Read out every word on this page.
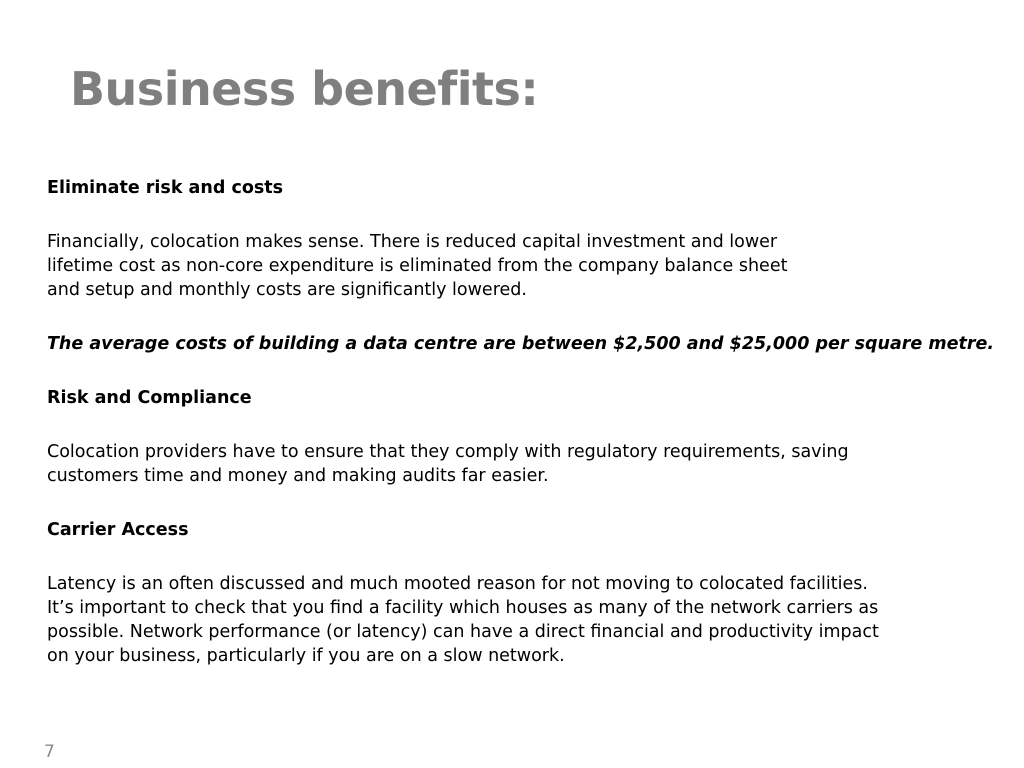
Business benefits:

Eliminate risk and costs

Financially, colocation makes sense. There is reduced capital investment and lower
lifetime cost as non-core expenditure is eliminated from the company balance sheet
and setup and monthly costs are significantly lowered.

The average costs of building a data centre are between $2,500 and $25,000 per square metre.

Risk and Compliance

Colocation providers have to ensure that they comply with regulatory requirements, saving
customers time and money and making audits far easier.

Carrier Access

Latency is an often discussed and much mooted reason for not moving to colocated facilities.
It’s important to check that you find a facility which houses as many of the network carriers as
possible. Network performance (or latency) can have a direct financial and productivity impact
on your business, particularly if you are on a slow network.

7
